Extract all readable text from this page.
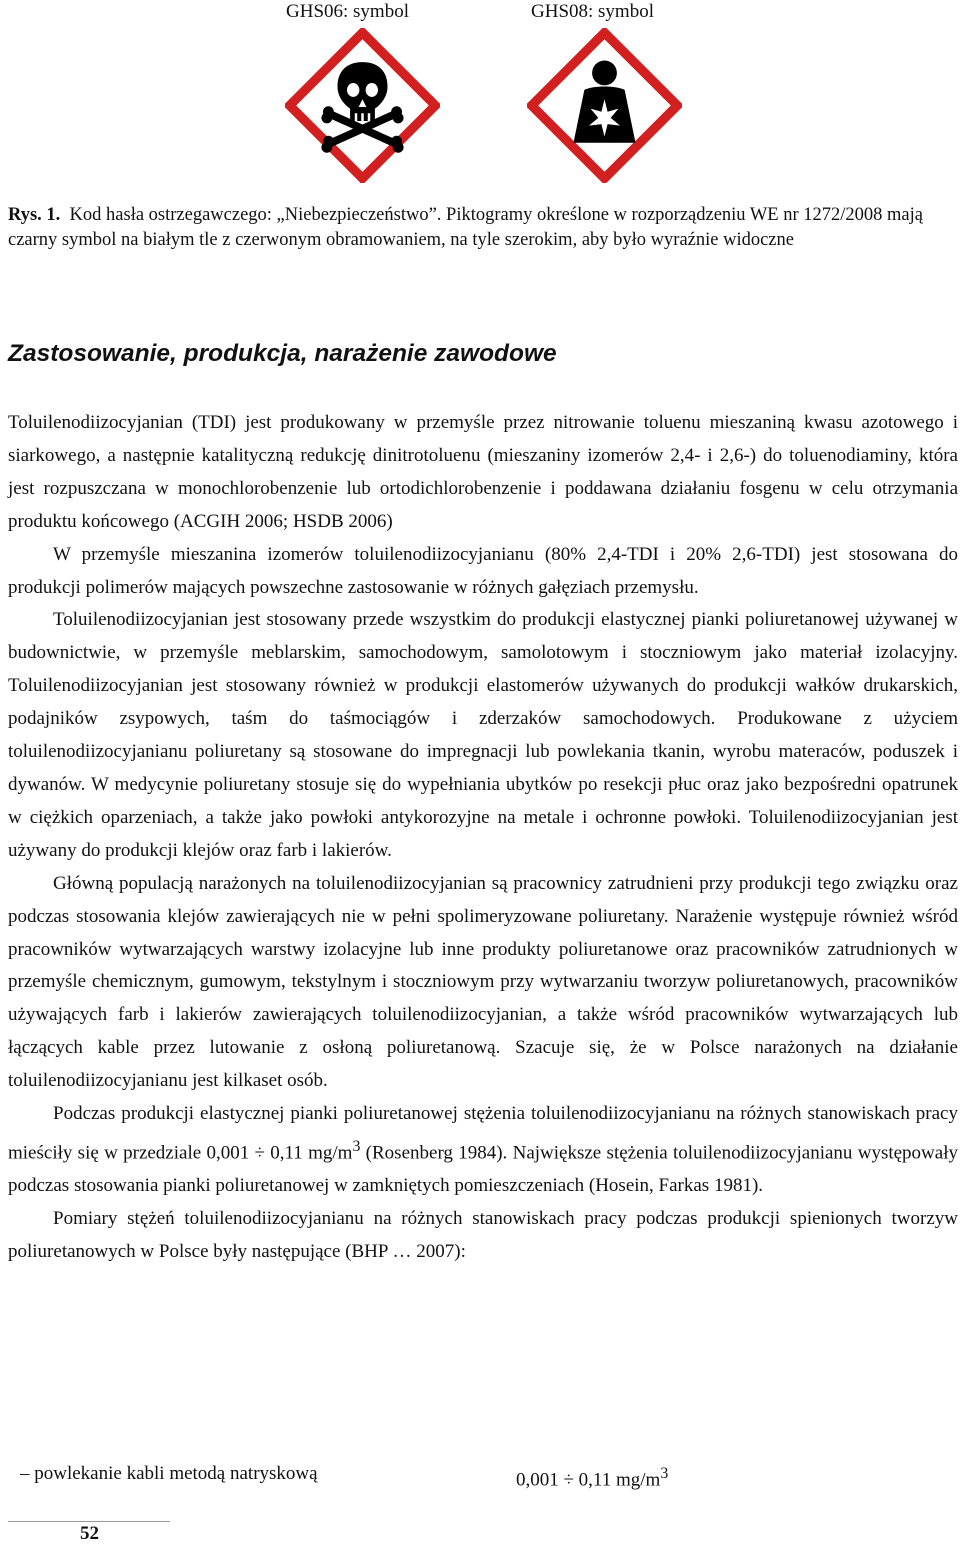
GHS06: symbol	GHS08: symbol
Rys. 1. Kod hasła ostrzegawczego: „Niebezpieczeństwo”. Piktogramy określone w rozporządzeniu WE nr 1272/2008 mają czarny symbol na białym tle z czerwonym obramowaniem, na tyle szerokim, aby było wyraźnie widoczne
Zastosowanie, produkcja, narażenie zawodowe

Toluilenodiizocyjanian (TDI) jest produkowany w przemyśle przez nitrowanie toluenu mieszaniną kwasu azotowego i siarkowego, a następnie katalityczną redukcję dinitrotoluenu (mieszaniny izomerów 2,4- i 2,6-) do toluenodiaminy, która jest rozpuszczana w monochlorobenzenie lub ortodichlorobenzenie i poddawana działaniu fosgenu w celu otrzymania produktu końcowego (ACGIH 2006; HSDB 2006)

W przemyśle mieszanina izomerów toluilenodiizocyjanianu (80% 2,4-TDI i 20% 2,6-TDI) jest stosowana do produkcji polimerów mających powszechne zastosowanie w różnych gałęziach przemysłu.

Toluilenodiizocyjanian jest stosowany przede wszystkim do produkcji elastycznej pianki poliuretanowej używanej w budownictwie, w przemyśle meblarskim, samochodowym, samolotowym i stoczniowym jako materiał izolacyjny. Toluilenodiizocyjanian jest stosowany również w produkcji elastomerów używanych do produkcji wałków drukarskich, podajników zsypowych, taśm do taśmociągów i zderzaków samochodowych. Produkowane z użyciem toluilenodiizocyjanianu poliuretany są stosowane do impregnacji lub powlekania tkanin, wyrobu materaców, poduszek i dywanów. W medycynie poliuretany stosuje się do wypełniania ubytków po resekcji płuc oraz jako bezpośredni opatrunek w ciężkich oparzeniach, a także jako powłoki antykorozyjne na metale i ochronne powłoki. Toluilenodiizocyjanian jest używany do produkcji klejów oraz farb i lakierów.

Główną populacją narażonych na toluilenodiizocyjanian są pracownicy zatrudnieni przy produkcji tego związku oraz podczas stosowania klejów zawierających nie w pełni spolimeryzowane poliuretany. Narażenie występuje również wśród pracowników wytwarzających warstwy izolacyjne lub inne produkty poliuretanowe oraz pracowników zatrudnionych w przemyśle chemicznym, gumowym, tekstylnym i stoczniowym przy wytwarzaniu tworzyw poliuretanowych, pracowników używających farb i lakierów zawierających toluilenodiizocyjanian, a także wśród pracowników wytwarzających lub łączących kable przez lutowanie z osłoną poliuretanową. Szacuje się, że w Polsce narażonych na działanie toluilenodiizocyjanianu jest kilkaset osób.

Podczas produkcji elastycznej pianki poliuretanowej stężenia toluilenodiizocyjanianu na różnych stanowiskach pracy mieściły się w przedziale 0,001 ÷ 0,11 $mg/m^3$ (Rosenberg 1984). Największe stężenia toluilenodiizocyjanianu występowały podczas stosowania pianki poliuretanowej w zamkniętych pomieszczeniach (Hosein, Farkas 1981).

Pomiary stężeń toluilenodiizocyjanianu na różnych stanowiskach pracy podczas produkcji spienionych tworzyw poliuretanowych w Polsce były następujące (BHP … 2007):

– powlekanie kabli metodą natryskową	0,001 ÷ 0,11 $mg/m^3$
52
